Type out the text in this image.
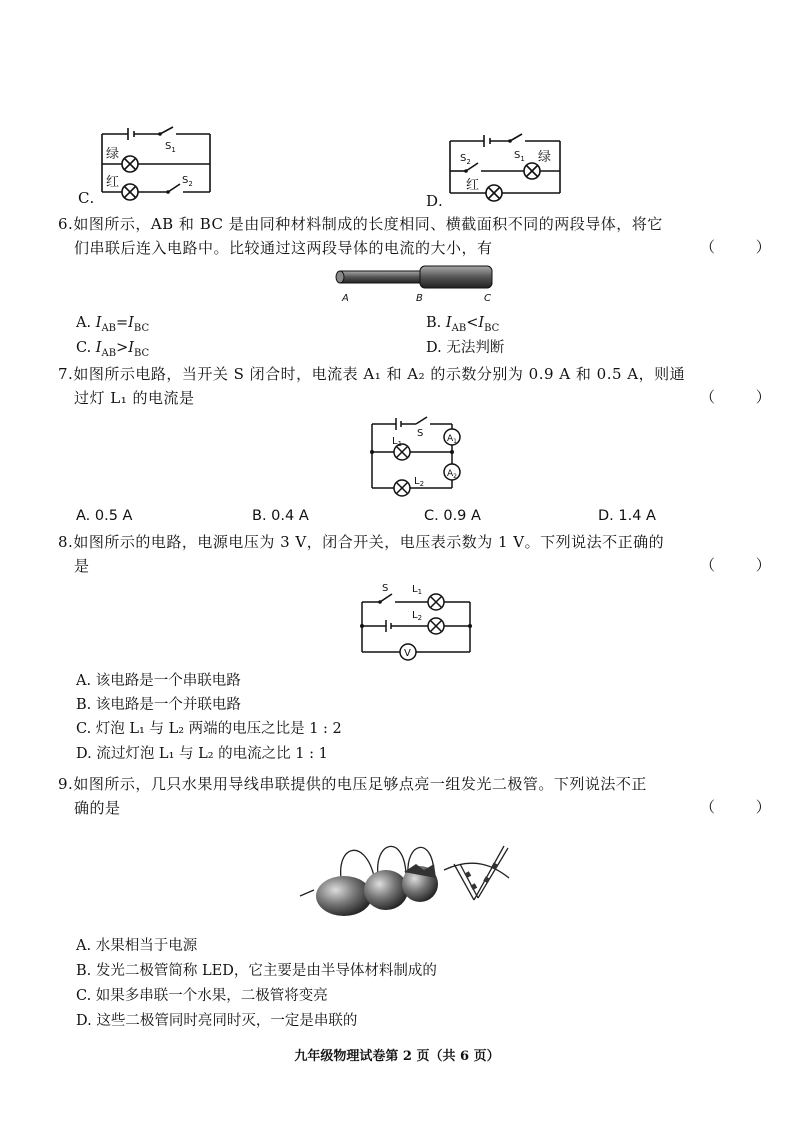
$S_1$
$S_2$
绿
红
C.
$S_1$
$S_2$	绿
红
D.
6.如图所示，AB 和 BC 是由同种材料制成的长度相同、横截面积不同的两段导体，将它
们串联后连入电路中。比较通过这两段导体的电流的大小，有	（ ）
A	B	C
A. $I_{AB}=I_{BC}$	B. $I_{AB}<I_{BC}$
C. $I_{AB}>I_{BC}$	D. 无法判断
7.如图所示电路，当开关 S 闭合时，电流表 A₁ 和 A₂ 的示数分别为 0.9 A 和 0.5 A，则通
过灯 L₁ 的电流是	（ ）
S
$L_1$
$L_2$
$A_1$
$A_2$
A. 0.5 A	B. 0.4 A	C. 0.9 A	D. 1.4 A
8.如图所示的电路，电源电压为 3 V，闭合开关，电压表示数为 1 V。下列说法不正确的
是	（ ）
S $L_1$
$L_2$
V
A. 该电路是一个串联电路
B. 该电路是一个并联电路
C. 灯泡 L₁ 与 L₂ 两端的电压之比是 1 : 2
D. 流过灯泡 L₁ 与 L₂ 的电流之比 1 : 1
9.如图所示，几只水果用导线串联提供的电压足够点亮一组发光二极管。下列说法不正
确的是	（ ）
A. 水果相当于电源
B. 发光二极管简称 LED，它主要是由半导体材料制成的
C. 如果多串联一个水果，二极管将变亮
D. 这些二极管同时亮同时灭，一定是串联的
九年级物理试卷第 2 页（共 6 页）
